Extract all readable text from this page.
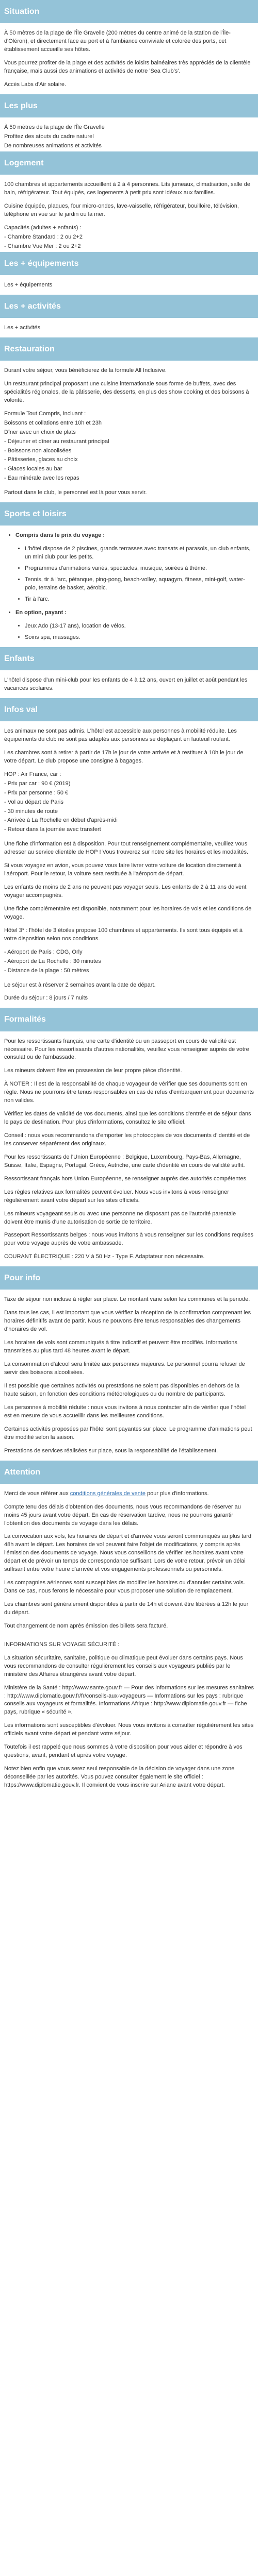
Situation

À 50 mètres de la plage de l'Île Gravelle (200 mètres du centre animé de la station de l'Île-d'Oléron), et directement face au port et à l'ambiance conviviale et colorée des ports, cet établissement accueille ses hôtes.

Vous pourrez profiter de la plage et des activités de loisirs balnéaires très appréciés de la clientèle française, mais aussi des animations et activités de notre 'Sea Club's'.

Accès Labs d'Air solaire.

Les plus

À 50 mètres de la plage de l'Île Gravelle

Profitez des atouts du cadre naturel

De nombreuses animations et activités

Logement

100 chambres et appartements accueillent à 2 à 4 personnes. Lits jumeaux, climatisation, salle de bain, réfrigérateur. Tout équipés, ces logements à petit prix sont idéaux aux familles.

Cuisine équipée, plaques, four micro-ondes, lave-vaisselle, réfrigérateur, bouilloire, télévision, téléphone en vue sur le jardin ou la mer.

Capacités (adultes + enfants) :

- Chambre Standard : 2 ou 2+2

- Chambre Vue Mer : 2 ou 2+2

Les + équipements

Les + équipements

Les + activités

Les + activités

Restauration

Durant votre séjour, vous bénéficierez de la formule All Inclusive.

Un restaurant principal proposant une cuisine internationale sous forme de buffets, avec des spécialités régionales, de la pâtisserie, des desserts, en plus des show cooking et des boissons à volonté.

Formule Tout Compris, incluant :

Boissons et collations entre 10h et 23h

Dîner avec un choix de plats

- Déjeuner et dîner au restaurant principal

- Boissons non alcoolisées

- Pâtisseries, glaces au choix

- Glaces locales au bar

- Eau minérale avec les repas

Partout dans le club, le personnel est là pour vous servir.

Sports et loisirs
• Compris dans le prix du voyage :
• L'hôtel dispose de 2 piscines, grands terrasses avec transats et parasols, un club enfants, un mini club pour les petits.
• Programmes d'animations variés, spectacles, musique, soirées à thème.
• Tennis, tir à l'arc, pétanque, ping-pong, beach-volley, aquagym, fitness, mini-golf, water-polo, terrains de basket, aérobic.
• Tir à l'arc.
• En option, payant :
• Jeux Ado (13-17 ans), location de vélos.
• Soins spa, massages.
Enfants

L'hôtel dispose d'un mini-club pour les enfants de 4 à 12 ans, ouvert en juillet et août pendant les vacances scolaires.

Infos val

Les animaux ne sont pas admis. L'hôtel est accessible aux personnes à mobilité réduite. Les équipements du club ne sont pas adaptés aux personnes se déplaçant en fauteuil roulant.

Les chambres sont à retirer à partir de 17h le jour de votre arrivée et à restituer à 10h le jour de votre départ. Le club propose une consigne à bagages.

HOP : Air France, car :

- Prix par car : 90 € (2019)

- Prix par personne : 50 €

- Vol au départ de Paris

- 30 minutes de route

- Arrivée à La Rochelle en début d'après-midi

- Retour dans la journée avec transfert

Une fiche d'information est à disposition. Pour tout renseignement complémentaire, veuillez vous adresser au service clientèle de HOP ! Vous trouverez sur notre site les horaires et les modalités.

Si vous voyagez en avion, vous pouvez vous faire livrer votre voiture de location directement à l'aéroport. Pour le retour, la voiture sera restituée à l'aéroport de départ.

Les enfants de moins de 2 ans ne peuvent pas voyager seuls. Les enfants de 2 à 11 ans doivent voyager accompagnés.

Une fiche complémentaire est disponible, notamment pour les horaires de vols et les conditions de voyage.

Hôtel 3* : l'hôtel de 3 étoiles propose 100 chambres et appartements. Ils sont tous équipés et à votre disposition selon nos conditions.

- Aéroport de Paris : CDG, Orly

- Aéroport de La Rochelle : 30 minutes

- Distance de la plage : 50 mètres

Le séjour est à réserver 2 semaines avant la date de départ.

Durée du séjour : 8 jours / 7 nuits

Formalités

Pour les ressortissants français, une carte d'identité ou un passeport en cours de validité est nécessaire. Pour les ressortissants d'autres nationalités, veuillez vous renseigner auprès de votre consulat ou de l'ambassade.

Les mineurs doivent être en possession de leur propre pièce d'identité.

À NOTER : Il est de la responsabilité de chaque voyageur de vérifier que ses documents sont en règle. Nous ne pourrons être tenus responsables en cas de refus d'embarquement pour documents non valides.

Vérifiez les dates de validité de vos documents, ainsi que les conditions d'entrée et de séjour dans le pays de destination. Pour plus d'informations, consultez le site officiel.

Conseil : nous vous recommandons d'emporter les photocopies de vos documents d'identité et de les conserver séparément des originaux.

Pour les ressortissants de l'Union Européenne : Belgique, Luxembourg, Pays-Bas, Allemagne, Suisse, Italie, Espagne, Portugal, Grèce, Autriche, une carte d'identité en cours de validité suffit.

Ressortissant français hors Union Européenne, se renseigner auprès des autorités compétentes.

Les règles relatives aux formalités peuvent évoluer. Nous vous invitons à vous renseigner régulièrement avant votre départ sur les sites officiels.

Les mineurs voyageant seuls ou avec une personne ne disposant pas de l'autorité parentale doivent être munis d'une autorisation de sortie de territoire.

Passeport Ressortissants belges : nous vous invitons à vous renseigner sur les conditions requises pour votre voyage auprès de votre ambassade.

COURANT ÉLECTRIQUE : 220 V à 50 Hz - Type F. Adaptateur non nécessaire.

Pour info

Taxe de séjour non incluse à régler sur place. Le montant varie selon les communes et la période.

Dans tous les cas, il est important que vous vérifiez la réception de la confirmation comprenant les horaires définitifs avant de partir. Nous ne pouvons être tenus responsables des changements d'horaires de vol.

Les horaires de vols sont communiqués à titre indicatif et peuvent être modifiés. Informations transmises au plus tard 48 heures avant le départ.

La consommation d'alcool sera limitée aux personnes majeures. Le personnel pourra refuser de servir des boissons alcoolisées.

Il est possible que certaines activités ou prestations ne soient pas disponibles en dehors de la haute saison, en fonction des conditions météorologiques ou du nombre de participants.

Les personnes à mobilité réduite : nous vous invitons à nous contacter afin de vérifier que l'hôtel est en mesure de vous accueillir dans les meilleures conditions.

Certaines activités proposées par l'hôtel sont payantes sur place. Le programme d'animations peut être modifié selon la saison.

Prestations de services réalisées sur place, sous la responsabilité de l'établissement.

Attention

Merci de vous référer aux conditions générales de vente pour plus d'informations.

Compte tenu des délais d'obtention des documents, nous vous recommandons de réserver au moins 45 jours avant votre départ. En cas de réservation tardive, nous ne pourrons garantir l'obtention des documents de voyage dans les délais.

La convocation aux vols, les horaires de départ et d'arrivée vous seront communiqués au plus tard 48h avant le départ. Les horaires de vol peuvent faire l'objet de modifications, y compris après l'émission des documents de voyage. Nous vous conseillons de vérifier les horaires avant votre départ et de prévoir un temps de correspondance suffisant. Lors de votre retour, prévoir un délai suffisant entre votre heure d'arrivée et vos engagements professionnels ou personnels.

Les compagnies aériennes sont susceptibles de modifier les horaires ou d'annuler certains vols. Dans ce cas, nous ferons le nécessaire pour vous proposer une solution de remplacement.

Les chambres sont généralement disponibles à partir de 14h et doivent être libérées à 12h le jour du départ.

Tout changement de nom après émission des billets sera facturé.

INFORMATIONS SUR VOYAGE SÉCURITÉ :

La situation sécuritaire, sanitaire, politique ou climatique peut évoluer dans certains pays. Nous vous recommandons de consulter régulièrement les conseils aux voyageurs publiés par le ministère des Affaires étrangères avant votre départ.

Ministère de la Santé : http://www.sante.gouv.fr — Pour des informations sur les mesures sanitaires : http://www.diplomatie.gouv.fr/fr/conseils-aux-voyageurs — Informations sur les pays : rubrique conseils aux voyageurs et formalités. Informations Afrique : http://www.diplomatie.gouv.fr — fiche pays, rubrique « sécurité ».

Les informations sont susceptibles d'évoluer. Nous vous invitons à consulter régulièrement les sites officiels avant votre départ et pendant votre séjour.

Toutefois il est rappelé que nous sommes à votre disposition pour vous aider et répondre à vos questions, avant, pendant et après votre voyage.

Notez bien enfin que vous serez seul responsable de la décision de voyager dans une zone déconseillée par les autorités. Vous pouvez consulter également le site officiel : https://www.diplomatie.gouv.fr. Il convient de vous inscrire sur Ariane avant votre départ.
